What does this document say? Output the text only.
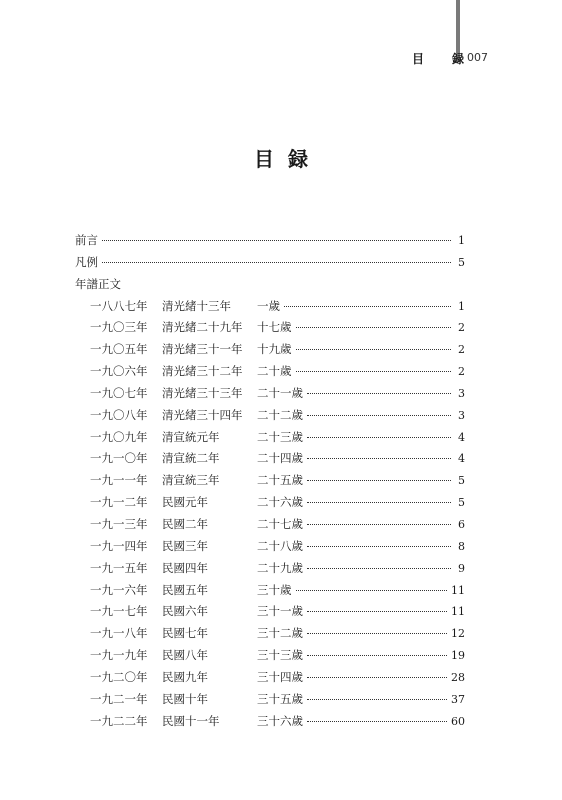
目　録
007
目録
前言	1
凡例	5
年譜正文
一八八七年	清光緒十三年	一歲	1
一九〇三年	清光緒二十九年	十七歲	2
一九〇五年	清光緒三十一年	十九歲	2
一九〇六年	清光緒三十二年	二十歲	2
一九〇七年	清光緒三十三年	二十一歲	3
一九〇八年	清光緒三十四年	二十二歲	3
一九〇九年	清宣統元年	二十三歲	4
一九一〇年	清宣統二年	二十四歲	4
一九一一年	清宣統三年	二十五歲	5
一九一二年	民國元年	二十六歲	5
一九一三年	民國二年	二十七歲	6
一九一四年	民國三年	二十八歲	8
一九一五年	民國四年	二十九歲	9
一九一六年	民國五年	三十歲	11
一九一七年	民國六年	三十一歲	11
一九一八年	民國七年	三十二歲	12
一九一九年	民國八年	三十三歲	19
一九二〇年	民國九年	三十四歲	28
一九二一年	民國十年	三十五歲	37
一九二二年	民國十一年	三十六歲	60
